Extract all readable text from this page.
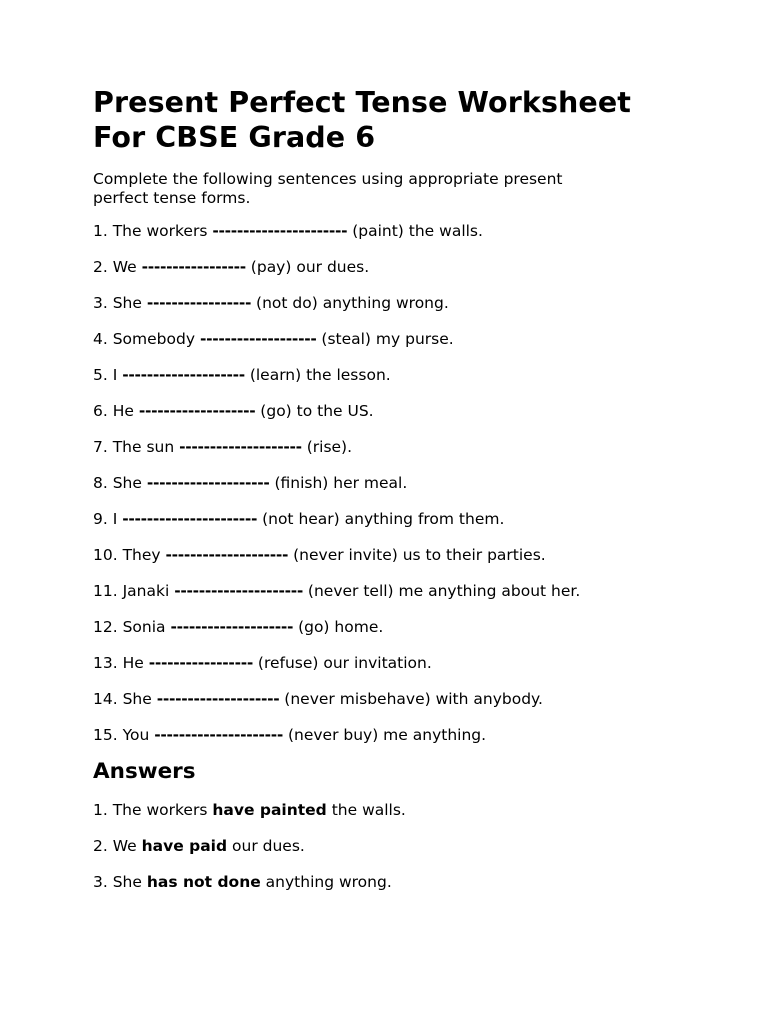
Present Perfect Tense Worksheet
For CBSE Grade 6

Complete the following sentences using appropriate present
perfect tense forms.

1. The workers ---------------------- (paint) the walls.
2. We ----------------- (pay) our dues.
3. She ----------------- (not do) anything wrong.
4. Somebody ------------------- (steal) my purse.
5. I -------------------- (learn) the lesson.
6. He ------------------- (go) to the US.
7. The sun -------------------- (rise).
8. She -------------------- (finish) her meal.
9. I ---------------------- (not hear) anything from them.
10. They -------------------- (never invite) us to their parties.
11. Janaki --------------------- (never tell) me anything about her.
12. Sonia -------------------- (go) home.
13. He ----------------- (refuse) our invitation.
14. She -------------------- (never misbehave) with anybody.
15. You --------------------- (never buy) me anything.
Answers
1. The workers have painted the walls.
2. We have paid our dues.
3. She has not done anything wrong.
